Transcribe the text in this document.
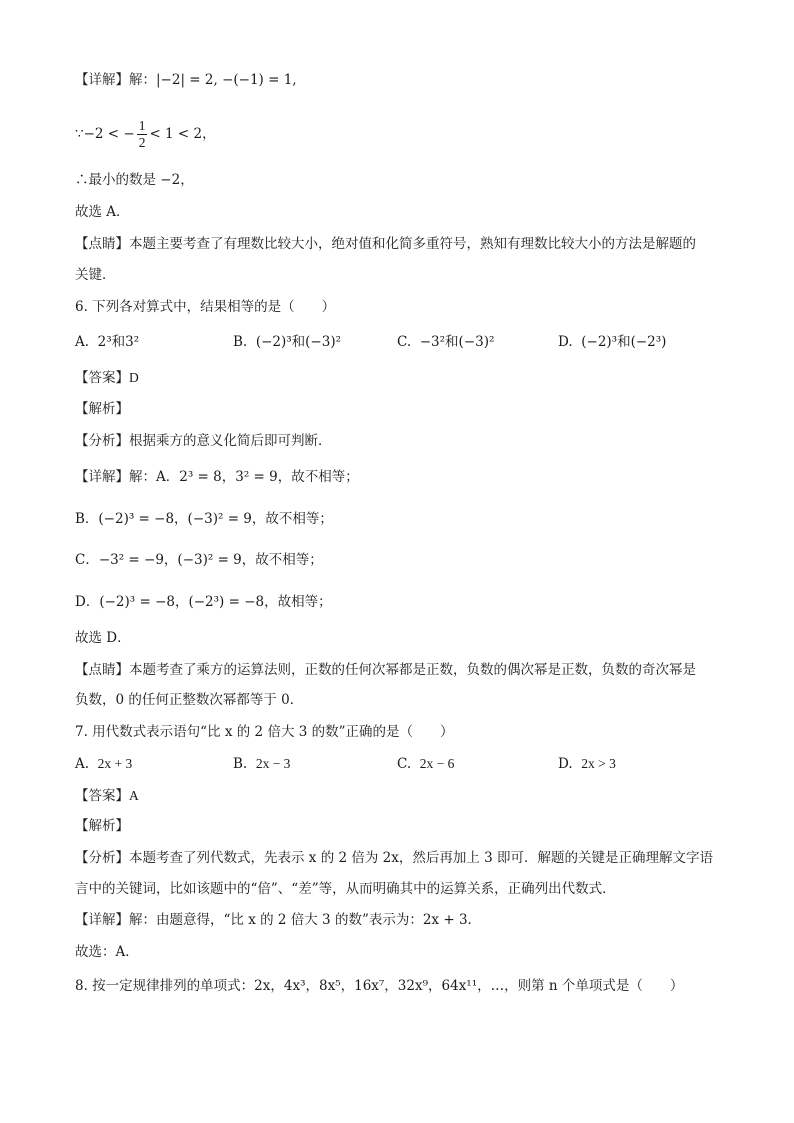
【详解】解：|−2| = 2, −(−1) = 1,
∵−2 < − $\frac{1}{2} < 1 < 2$，
∴最小的数是 −2，
故选 A．
【点睛】本题主要考查了有理数比较大小，绝对值和化简多重符号，熟知有理数比较大小的方法是解题的
关键．
6. 下列各对算式中，结果相等的是（　　）
A. 2³和3²	B. (−2)³和(−3)²	C. −3²和(−3)²	D. (−2)³和(−2³)
【答案】D
【解析】
【分析】根据乘方的意义化简后即可判断．
【详解】解：A．2³ = 8，3² = 9，故不相等；
B．(−2)³ = −8，(−3)² = 9，故不相等；
C．−3² = −9，(−3)² = 9，故不相等；
D．(−2)³ = −8，(−2³) = −8，故相等；
故选 D．
【点睛】本题考查了乘方的运算法则，正数的任何次幂都是正数，负数的偶次幂是正数，负数的奇次幂是
负数，0 的任何正整数次幂都等于 0．
7. 用代数式表示语句“比 x 的 2 倍大 3 的数”正确的是（　　）
A. 2x + 3	B. 2x − 3	C. 2x − 6	D. 2x > 3
【答案】A
【解析】
【分析】本题考查了列代数式，先表示 x 的 2 倍为 2x，然后再加上 3 即可．解题的关键是正确理解文字语
言中的关键词，比如该题中的“倍”、“差”等，从而明确其中的运算关系，正确列出代数式．
【详解】解：由题意得，“比 x 的 2 倍大 3 的数”表示为：2x + 3．
故选：A．
8. 按一定规律排列的单项式：2x，4x³，8x⁵，16x⁷，32x⁹，64x¹¹，…，则第 n 个单项式是（　　）
